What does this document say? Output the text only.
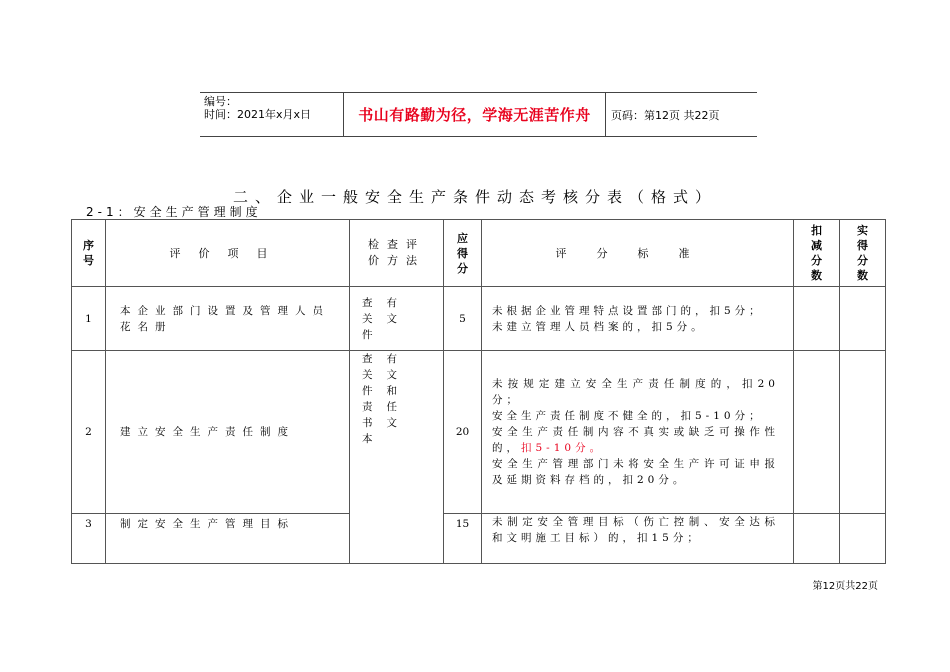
编号：
时间：2021年x月x日	书山有路勤为径，学海无涯苦作舟	页码：第12页 共22页
二、企业一般安全生产条件动态考核分表（格式）
2-1：安全生产管理制度
序号	评价项目	检查评价方法	应得分	评分标准	扣减分数	实得分数

1	本企业部门设置及管理人员花名册	查有关文件	5	未根据企业管理特点设置部门的，扣5分；

未建立管理人员档案的，扣5分。		

2	建立安全生产责任制度	查有关文件和责任书文本	20	未按规定建立安全生产责任制度的，扣20分；

安全生产责任制度不健全的，扣5-10分；

安全生产责任制内容不真实或缺乏可操作性的，扣5-10分。

安全生产管理部门未将安全生产许可证申报及延期资料存档的，扣20分。		

3	制定安全生产管理目标		15	未制定安全管理目标（伤亡控制、安全达标和文明施工目标）的，扣15分；		

第12页共22页
